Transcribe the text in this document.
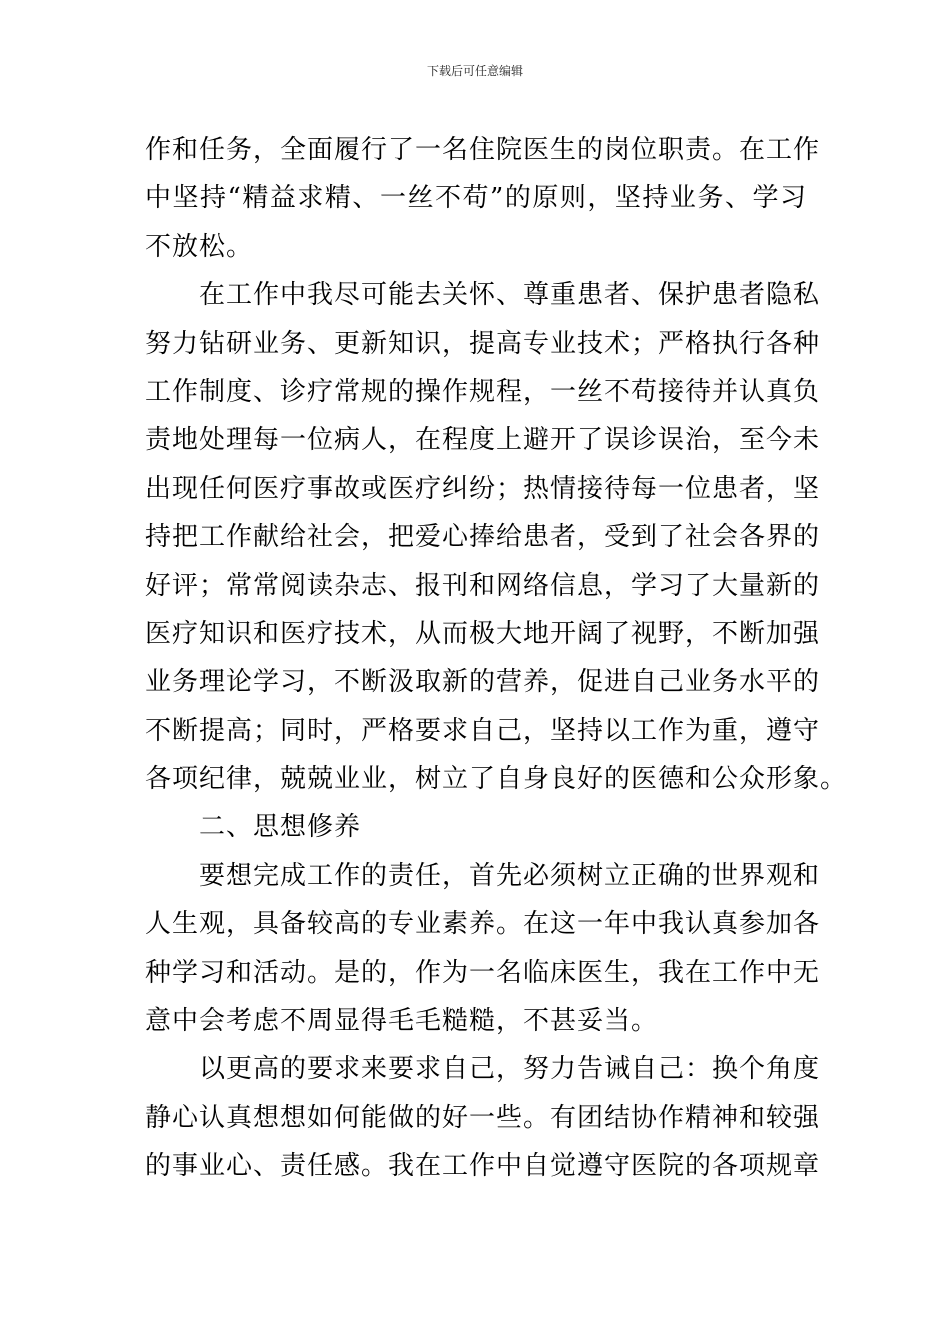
下载后可任意编辑
作和任务，全面履行了一名住院医生的岗位职责。在工作
中坚持“精益求精、一丝不苟”的原则，坚持业务、学习
不放松。
在工作中我尽可能去关怀、尊重患者、保护患者隐私
努力钻研业务、更新知识，提高专业技术；严格执行各种
工作制度、诊疗常规的操作规程，一丝不苟接待并认真负
责地处理每一位病人，在程度上避开了误诊误治，至今未
出现任何医疗事故或医疗纠纷；热情接待每一位患者，坚
持把工作献给社会，把爱心捧给患者，受到了社会各界的
好评；常常阅读杂志、报刊和网络信息，学习了大量新的
医疗知识和医疗技术，从而极大地开阔了视野，不断加强
业务理论学习，不断汲取新的营养，促进自己业务水平的
不断提高；同时，严格要求自己，坚持以工作为重，遵守
各项纪律，兢兢业业，树立了自身良好的医德和公众形象。
二、思想修养
要想完成工作的责任，首先必须树立正确的世界观和
人生观，具备较高的专业素养。在这一年中我认真参加各
种学习和活动。是的，作为一名临床医生，我在工作中无
意中会考虑不周显得毛毛糙糙，不甚妥当。
以更高的要求来要求自己，努力告诫自己：换个角度
静心认真想想如何能做的好一些。有团结协作精神和较强
的事业心、责任感。我在工作中自觉遵守医院的各项规章
